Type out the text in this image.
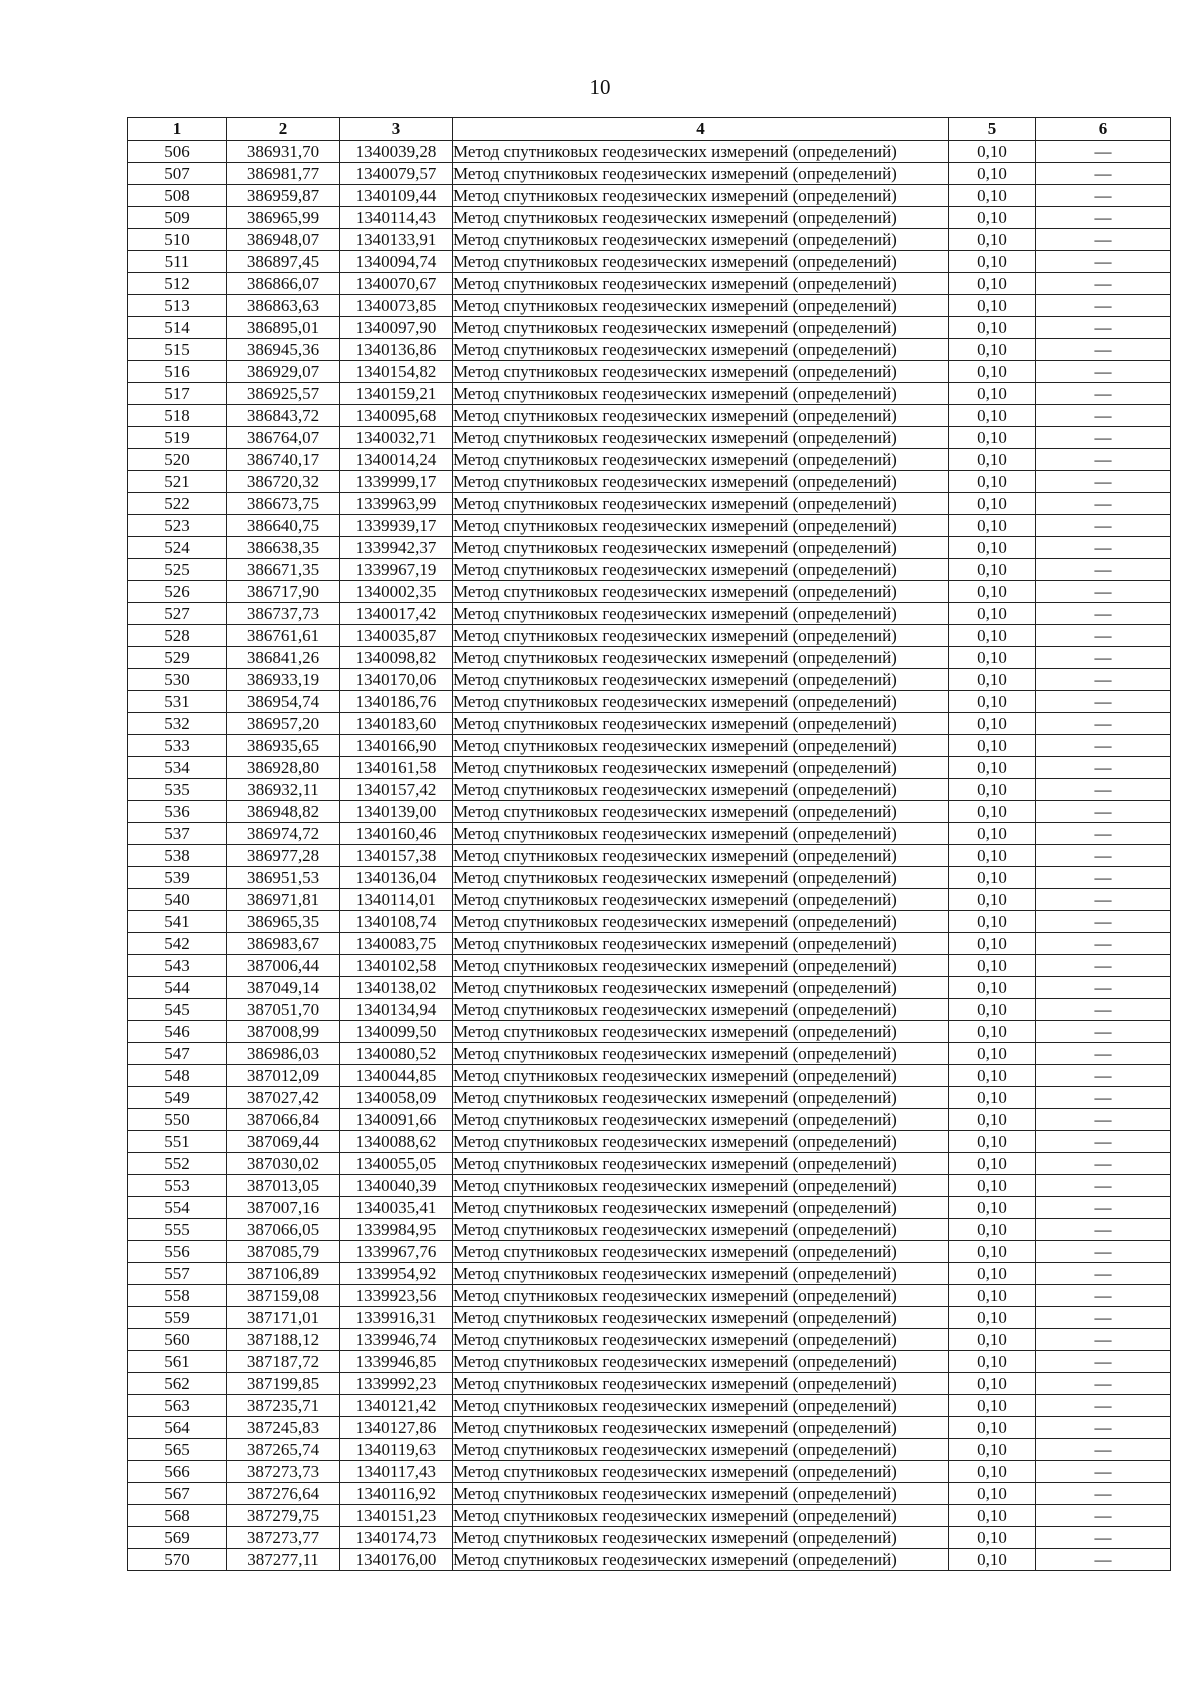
10
1	2	3	4	5	6
506	386931,70	1340039,28	Метод спутниковых геодезических измерений (определений)	0,10	—
507	386981,77	1340079,57	Метод спутниковых геодезических измерений (определений)	0,10	—
508	386959,87	1340109,44	Метод спутниковых геодезических измерений (определений)	0,10	—
509	386965,99	1340114,43	Метод спутниковых геодезических измерений (определений)	0,10	—
510	386948,07	1340133,91	Метод спутниковых геодезических измерений (определений)	0,10	—
511	386897,45	1340094,74	Метод спутниковых геодезических измерений (определений)	0,10	—
512	386866,07	1340070,67	Метод спутниковых геодезических измерений (определений)	0,10	—
513	386863,63	1340073,85	Метод спутниковых геодезических измерений (определений)	0,10	—
514	386895,01	1340097,90	Метод спутниковых геодезических измерений (определений)	0,10	—
515	386945,36	1340136,86	Метод спутниковых геодезических измерений (определений)	0,10	—
516	386929,07	1340154,82	Метод спутниковых геодезических измерений (определений)	0,10	—
517	386925,57	1340159,21	Метод спутниковых геодезических измерений (определений)	0,10	—
518	386843,72	1340095,68	Метод спутниковых геодезических измерений (определений)	0,10	—
519	386764,07	1340032,71	Метод спутниковых геодезических измерений (определений)	0,10	—
520	386740,17	1340014,24	Метод спутниковых геодезических измерений (определений)	0,10	—
521	386720,32	1339999,17	Метод спутниковых геодезических измерений (определений)	0,10	—
522	386673,75	1339963,99	Метод спутниковых геодезических измерений (определений)	0,10	—
523	386640,75	1339939,17	Метод спутниковых геодезических измерений (определений)	0,10	—
524	386638,35	1339942,37	Метод спутниковых геодезических измерений (определений)	0,10	—
525	386671,35	1339967,19	Метод спутниковых геодезических измерений (определений)	0,10	—
526	386717,90	1340002,35	Метод спутниковых геодезических измерений (определений)	0,10	—
527	386737,73	1340017,42	Метод спутниковых геодезических измерений (определений)	0,10	—
528	386761,61	1340035,87	Метод спутниковых геодезических измерений (определений)	0,10	—
529	386841,26	1340098,82	Метод спутниковых геодезических измерений (определений)	0,10	—
530	386933,19	1340170,06	Метод спутниковых геодезических измерений (определений)	0,10	—
531	386954,74	1340186,76	Метод спутниковых геодезических измерений (определений)	0,10	—
532	386957,20	1340183,60	Метод спутниковых геодезических измерений (определений)	0,10	—
533	386935,65	1340166,90	Метод спутниковых геодезических измерений (определений)	0,10	—
534	386928,80	1340161,58	Метод спутниковых геодезических измерений (определений)	0,10	—
535	386932,11	1340157,42	Метод спутниковых геодезических измерений (определений)	0,10	—
536	386948,82	1340139,00	Метод спутниковых геодезических измерений (определений)	0,10	—
537	386974,72	1340160,46	Метод спутниковых геодезических измерений (определений)	0,10	—
538	386977,28	1340157,38	Метод спутниковых геодезических измерений (определений)	0,10	—
539	386951,53	1340136,04	Метод спутниковых геодезических измерений (определений)	0,10	—
540	386971,81	1340114,01	Метод спутниковых геодезических измерений (определений)	0,10	—
541	386965,35	1340108,74	Метод спутниковых геодезических измерений (определений)	0,10	—
542	386983,67	1340083,75	Метод спутниковых геодезических измерений (определений)	0,10	—
543	387006,44	1340102,58	Метод спутниковых геодезических измерений (определений)	0,10	—
544	387049,14	1340138,02	Метод спутниковых геодезических измерений (определений)	0,10	—
545	387051,70	1340134,94	Метод спутниковых геодезических измерений (определений)	0,10	—
546	387008,99	1340099,50	Метод спутниковых геодезических измерений (определений)	0,10	—
547	386986,03	1340080,52	Метод спутниковых геодезических измерений (определений)	0,10	—
548	387012,09	1340044,85	Метод спутниковых геодезических измерений (определений)	0,10	—
549	387027,42	1340058,09	Метод спутниковых геодезических измерений (определений)	0,10	—
550	387066,84	1340091,66	Метод спутниковых геодезических измерений (определений)	0,10	—
551	387069,44	1340088,62	Метод спутниковых геодезических измерений (определений)	0,10	—
552	387030,02	1340055,05	Метод спутниковых геодезических измерений (определений)	0,10	—
553	387013,05	1340040,39	Метод спутниковых геодезических измерений (определений)	0,10	—
554	387007,16	1340035,41	Метод спутниковых геодезических измерений (определений)	0,10	—
555	387066,05	1339984,95	Метод спутниковых геодезических измерений (определений)	0,10	—
556	387085,79	1339967,76	Метод спутниковых геодезических измерений (определений)	0,10	—
557	387106,89	1339954,92	Метод спутниковых геодезических измерений (определений)	0,10	—
558	387159,08	1339923,56	Метод спутниковых геодезических измерений (определений)	0,10	—
559	387171,01	1339916,31	Метод спутниковых геодезических измерений (определений)	0,10	—
560	387188,12	1339946,74	Метод спутниковых геодезических измерений (определений)	0,10	—
561	387187,72	1339946,85	Метод спутниковых геодезических измерений (определений)	0,10	—
562	387199,85	1339992,23	Метод спутниковых геодезических измерений (определений)	0,10	—
563	387235,71	1340121,42	Метод спутниковых геодезических измерений (определений)	0,10	—
564	387245,83	1340127,86	Метод спутниковых геодезических измерений (определений)	0,10	—
565	387265,74	1340119,63	Метод спутниковых геодезических измерений (определений)	0,10	—
566	387273,73	1340117,43	Метод спутниковых геодезических измерений (определений)	0,10	—
567	387276,64	1340116,92	Метод спутниковых геодезических измерений (определений)	0,10	—
568	387279,75	1340151,23	Метод спутниковых геодезических измерений (определений)	0,10	—
569	387273,77	1340174,73	Метод спутниковых геодезических измерений (определений)	0,10	—
570	387277,11	1340176,00	Метод спутниковых геодезических измерений (определений)	0,10	—
